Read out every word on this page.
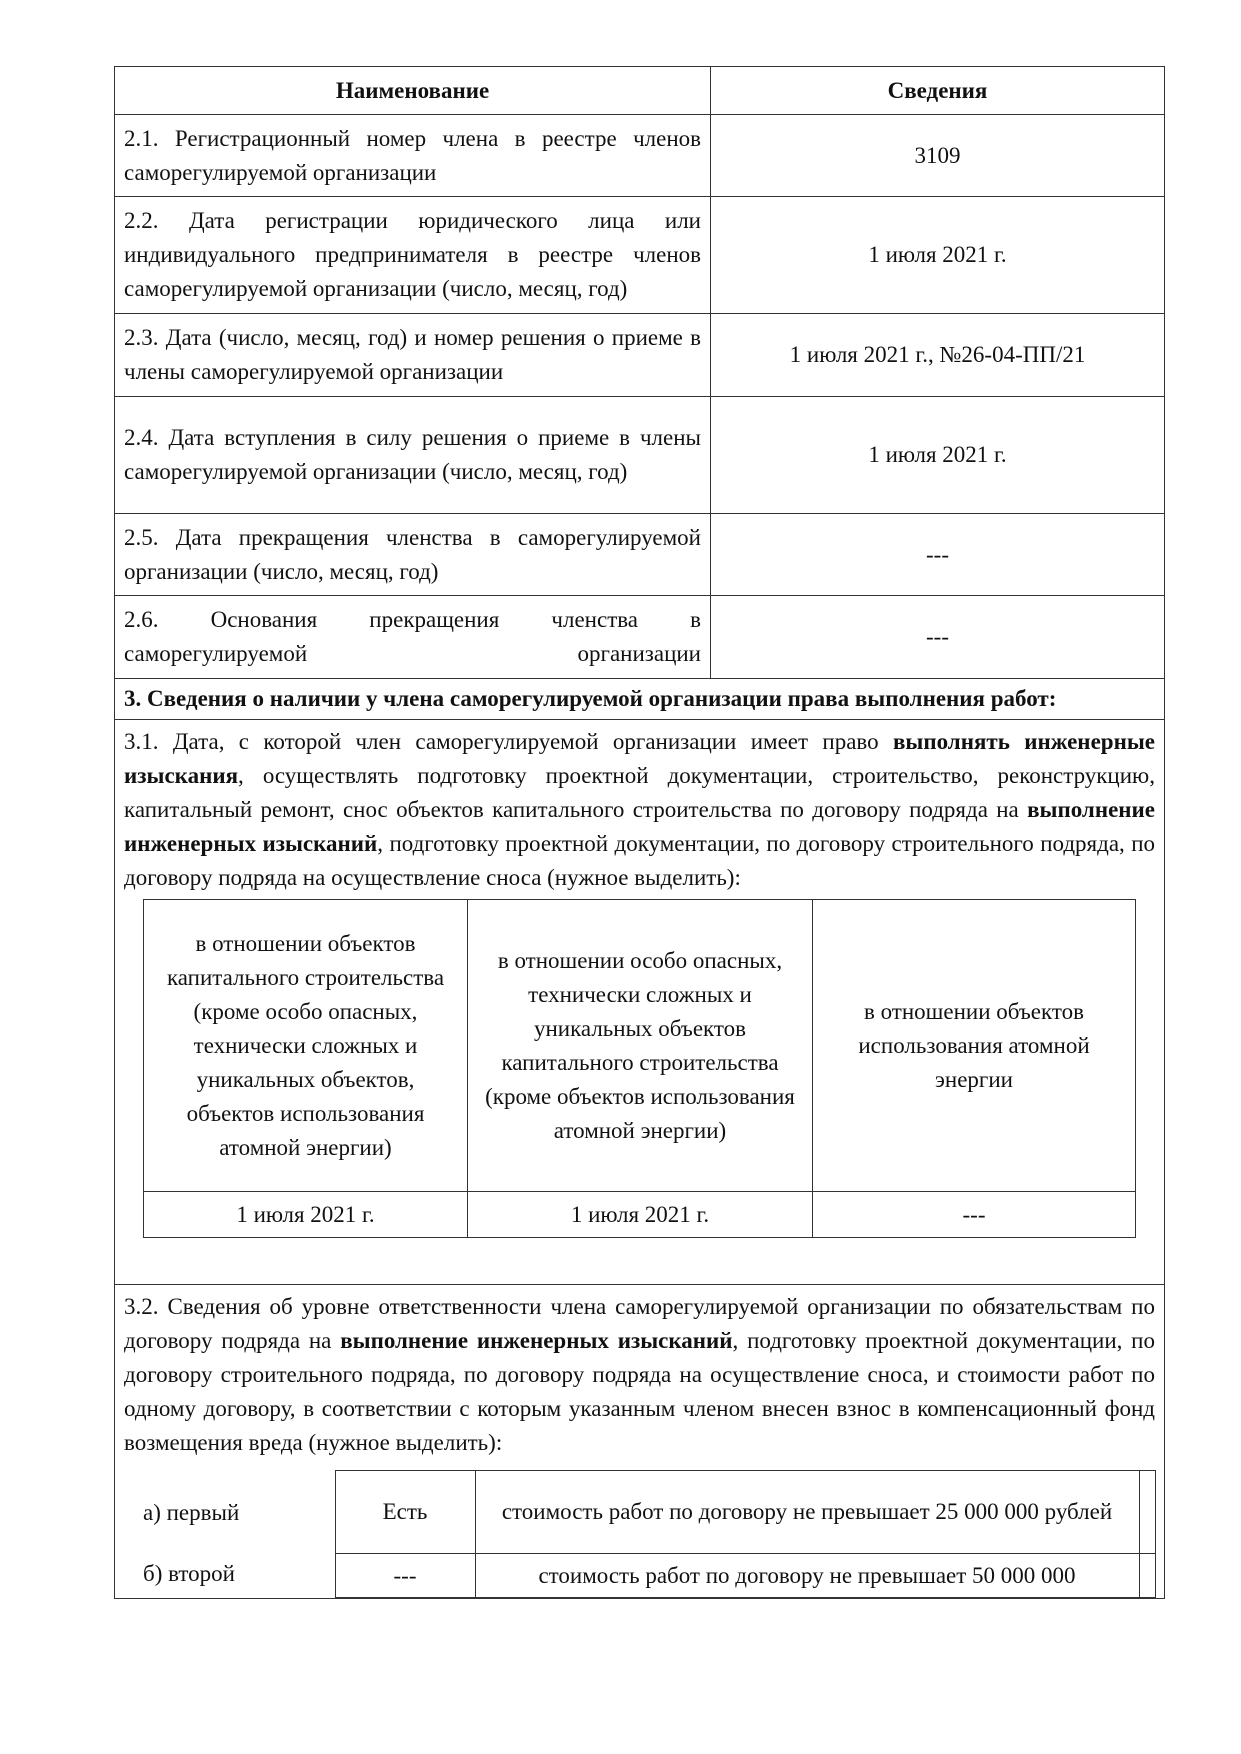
Наименование	Сведения
2.1. Регистрационный номер члена в реестре членов саморегулируемой организации	3109
2.2. Дата регистрации юридического лица или индивидуального предпринимателя в реестре членов саморегулируемой организации (число, месяц, год)	1 июля 2021 г.
2.3. Дата (число, месяц, год) и номер решения о приеме в члены саморегулируемой организации	1 июля 2021 г., №26-04-ПП/21
2.4. Дата вступления в силу решения о приеме в члены саморегулируемой организации (число, месяц, год)	1 июля 2021 г.
2.5. Дата прекращения членства в саморегулируемой организации (число, месяц, год)	---
2.6. Основания прекращения членства в саморегулируемой организации	---
3. Сведения о наличии у члена саморегулируемой организации права выполнения работ:

3.1. Дата, с которой член саморегулируемой организации имеет право выполнять инженерные изыскания, осуществлять подготовку проектной документации, строительство, реконструкцию, капитальный ремонт, снос объектов капитального строительства по договору подряда на выполнение инженерных изысканий, подготовку проектной документации, по договору строительного подряда, по договору подряда на осуществление сноса (нужное выделить):
в отношении объектов капитального строительства (кроме особо опасных, технически сложных и уникальных объектов, объектов использования атомной энергии)	в отношении особо опасных, технически сложных и уникальных объектов капитального строительства (кроме объектов использования атомной энергии)	в отношении объектов использования атомной энергии
1 июля 2021 г.	1 июля 2021 г.	---

3.2. Сведения об уровне ответственности члена саморегулируемой организации по обязательствам по договору подряда на выполнение инженерных изысканий, подготовку проектной документации, по договору строительного подряда, по договору подряда на осуществление сноса, и стоимости работ по одному договору, в соответствии с которым указанным членом внесен взнос в компенсационный фонд возмещения вреда (нужное выделить):
а) первый	Есть	стоимость работ по договору не превышает 25 000 000 рублей	
б) второй	---	стоимость работ по договору не превышает 50 000 000	
